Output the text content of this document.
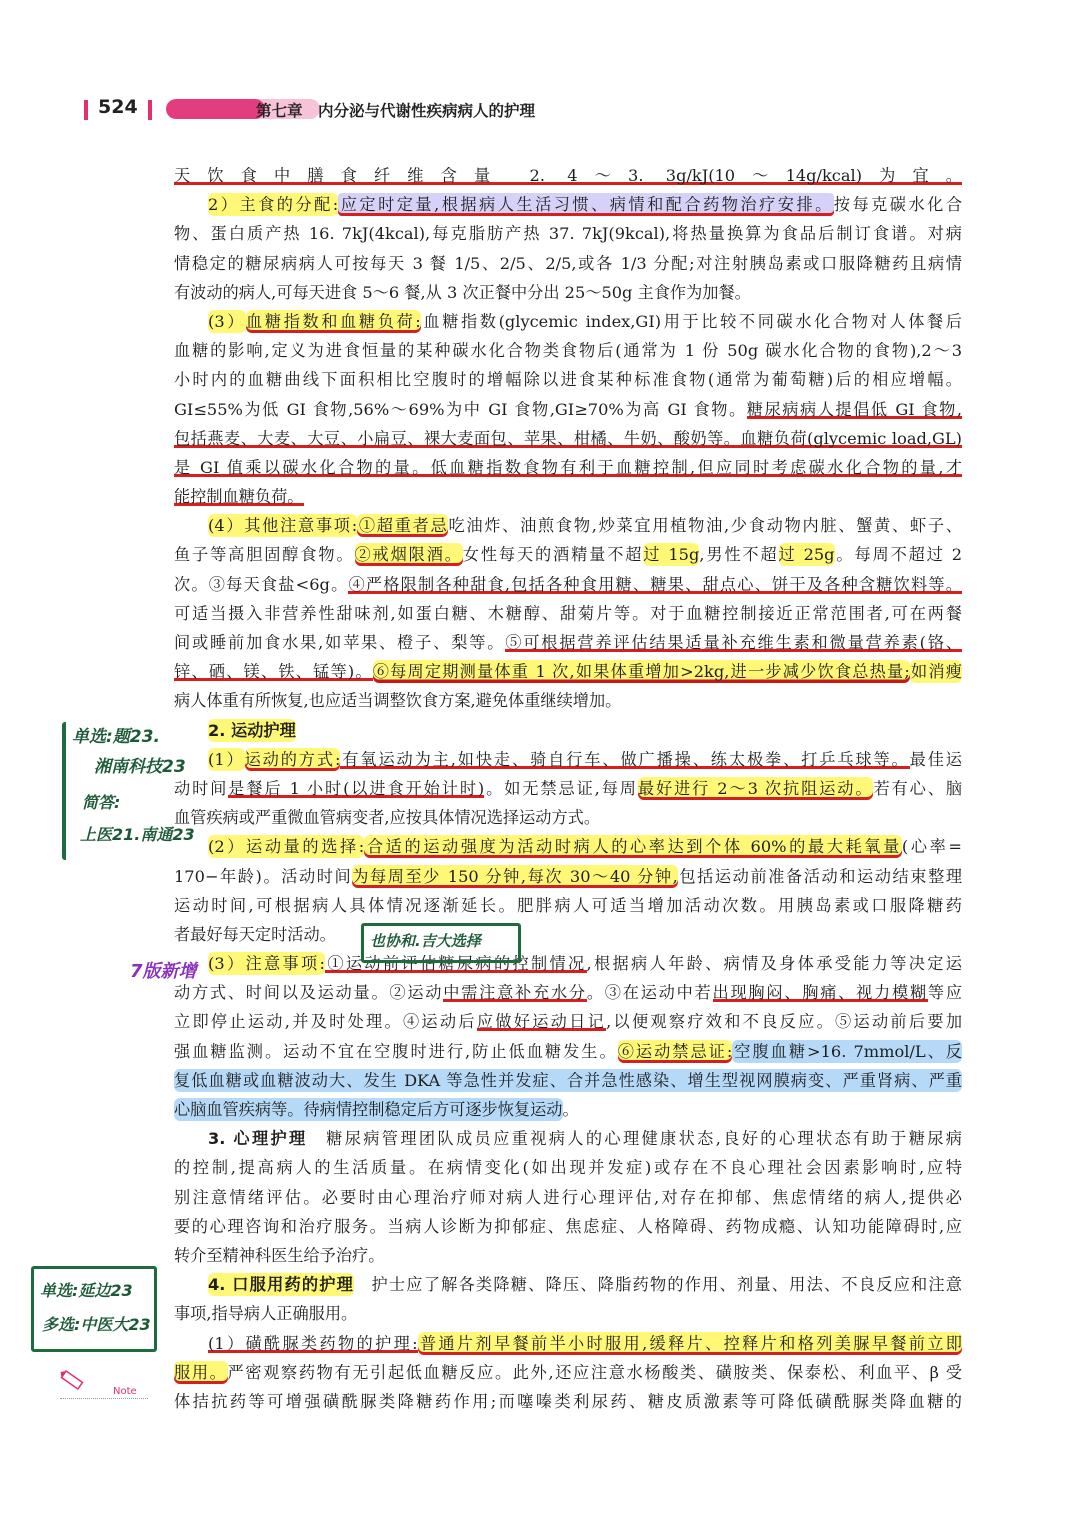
524	第七章　内分泌与代谢性疾病病人的护理
天饮食中膳食纤维含量 2. 4～3. 3g/kJ(10～14g/kcal)为宜。
2）主食的分配:应定时定量,根据病人生活习惯、病情和配合药物治疗安排。按每克碳水化合
物、蛋白质产热 16. 7kJ(4kcal),每克脂肪产热 37. 7kJ(9kcal),将热量换算为食品后制订食谱。对病
情稳定的糖尿病病人可按每天 3 餐 1/5、2/5、2/5,或各 1/3 分配;对注射胰岛素或口服降糖药且病情
有波动的病人,可每天进食 5～6 餐,从 3 次正餐中分出 25～50g 主食作为加餐。
(3）血糖指数和血糖负荷:血糖指数(glycemic index,GI)用于比较不同碳水化合物对人体餐后
血糖的影响,定义为进食恒量的某种碳水化合物类食物后(通常为 1 份 50g 碳水化合物的食物),2～3
小时内的血糖曲线下面积相比空腹时的增幅除以进食某种标准食物(通常为葡萄糖)后的相应增幅。
GI≤55%为低 GI 食物,56%～69%为中 GI 食物,GI≥70%为高 GI 食物。糖尿病病人提倡低 GI 食物,
包括燕麦、大麦、大豆、小扁豆、裸大麦面包、苹果、柑橘、牛奶、酸奶等。血糖负荷(glycemic load,GL)
是 GI 值乘以碳水化合物的量。低血糖指数食物有利于血糖控制,但应同时考虑碳水化合物的量,才
能控制血糖负荷。
(4）其他注意事项:①超重者忌吃油炸、油煎食物,炒菜宜用植物油,少食动物内脏、蟹黄、虾子、
鱼子等高胆固醇食物。②戒烟限酒。女性每天的酒精量不超过 15g,男性不超过 25g。每周不超过 2
次。③每天食盐<6g。④严格限制各种甜食,包括各种食用糖、糖果、甜点心、饼干及各种含糖饮料等。
可适当摄入非营养性甜味剂,如蛋白糖、木糖醇、甜菊片等。对于血糖控制接近正常范围者,可在两餐
间或睡前加食水果,如苹果、橙子、梨等。⑤可根据营养评估结果适量补充维生素和微量营养素(铬、
锌、硒、镁、铁、锰等)。⑥每周定期测量体重 1 次,如果体重增加>2kg,进一步减少饮食总热量;如消瘦
病人体重有所恢复,也应适当调整饮食方案,避免体重继续增加。
2. 运动护理
(1）运动的方式:有氧运动为主,如快走、骑自行车、做广播操、练太极拳、打乒乓球等。最佳运
动时间是餐后 1 小时(以进食开始计时)。如无禁忌证,每周最好进行 2～3 次抗阻运动。若有心、脑
血管疾病或严重微血管病变者,应按具体情况选择运动方式。
(2）运动量的选择:合适的运动强度为活动时病人的心率达到个体 60%的最大耗氧量(心率=
170−年龄)。活动时间为每周至少 150 分钟,每次 30～40 分钟,包括运动前准备活动和运动结束整理
运动时间,可根据病人具体情况逐渐延长。肥胖病人可适当增加活动次数。用胰岛素或口服降糖药
者最好每天定时活动。
(3）注意事项:①运动前评估糖尿病的控制情况,根据病人年龄、病情及身体承受能力等决定运
动方式、时间以及运动量。②运动中需注意补充水分。③在运动中若出现胸闷、胸痛、视力模糊等应
立即停止运动,并及时处理。④运动后应做好运动日记,以便观察疗效和不良反应。⑤运动前后要加
强血糖监测。运动不宜在空腹时进行,防止低血糖发生。⑥运动禁忌证:空腹血糖>16. 7mmol/L、反
复低血糖或血糖波动大、发生 DKA 等急性并发症、合并急性感染、增生型视网膜病变、严重肾病、严重
心脑血管疾病等。待病情控制稳定后方可逐步恢复运动。
3. 心理护理　糖尿病管理团队成员应重视病人的心理健康状态,良好的心理状态有助于糖尿病
的控制,提高病人的生活质量。在病情变化(如出现并发症)或存在不良心理社会因素影响时,应特
别注意情绪评估。必要时由心理治疗师对病人进行心理评估,对存在抑郁、焦虑情绪的病人,提供必
要的心理咨询和治疗服务。当病人诊断为抑郁症、焦虑症、人格障碍、药物成瘾、认知功能障碍时,应
转介至精神科医生给予治疗。
4. 口服用药的护理　护士应了解各类降糖、降压、降脂药物的作用、剂量、用法、不良反应和注意
事项,指导病人正确服用。
(1）磺酰脲类药物的护理:普通片剂早餐前半小时服用,缓释片、控释片和格列美脲早餐前立即
服用。严密观察药物有无引起低血糖反应。此外,还应注意水杨酸类、磺胺类、保泰松、利血平、β 受
体拮抗药等可增强磺酰脲类降糖药作用;而噻嗪类利尿药、糖皮质激素等可降低磺酰脲类降血糖的
单选:题23.
湘南科技23
简答:
上医21.南通23
也协和.吉大选择
7版新增
单选:延边23
多选:中医大23
Note
